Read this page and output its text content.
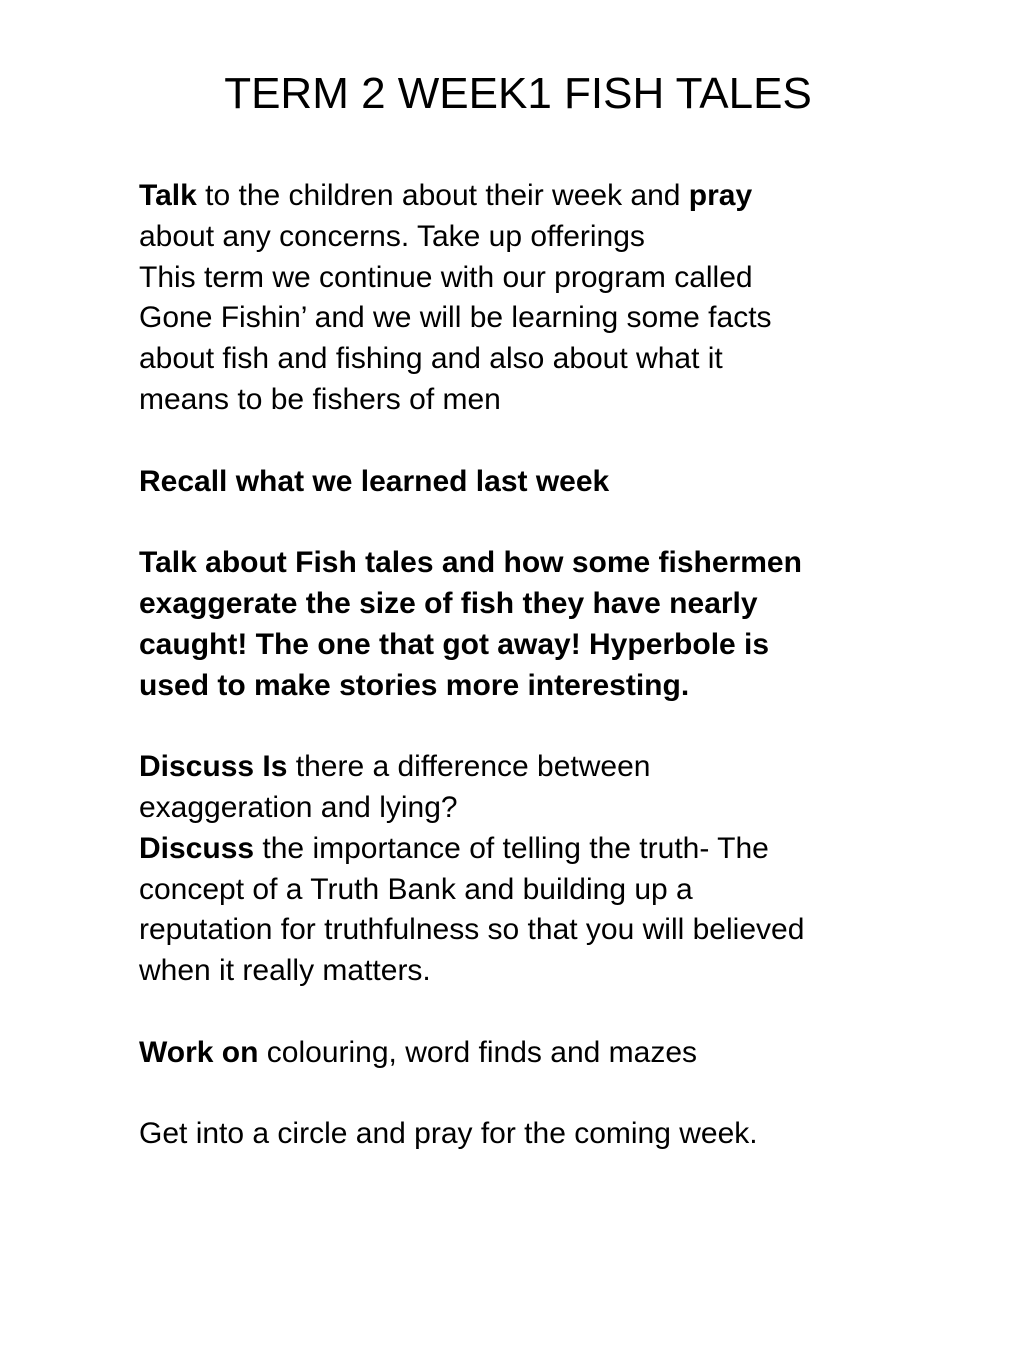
TERM 2 WEEK1 FISH TALES

Talk to the children about their week and pray
about any concerns. Take up offerings
This term we continue with our program called
Gone Fishin’ and we will be learning some facts
about fish and fishing and also about what it
means to be fishers of men

Recall what we learned last week

Talk about Fish tales and how some fishermen
exaggerate the size of fish they have nearly
caught! The one that got away! Hyperbole is
used to make stories more interesting.

Discuss Is there a difference between
exaggeration and lying?

Discuss the importance of telling the truth- The
concept of a Truth Bank and building up a
reputation for truthfulness so that you will believed
when it really matters.

Work on colouring, word finds and mazes

Get into a circle and pray for the coming week.
